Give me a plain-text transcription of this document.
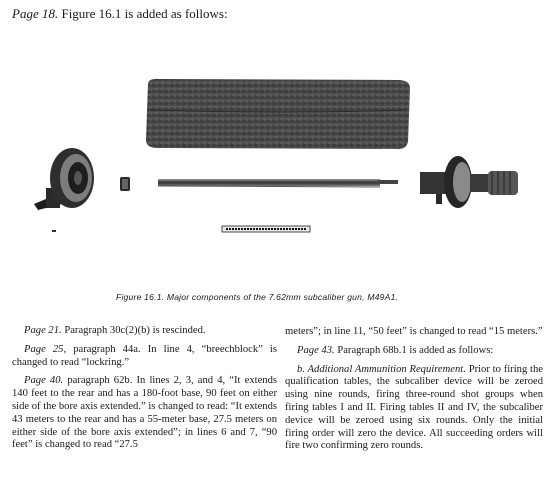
Page 18. Figure 16.1 is added as follows:
Figure 16.1. Major components of the 7.62mm subcaliber gun, M49A1.

Page 21. Paragraph 30c(2)(b) is rescinded.

Page 25, paragraph 44a. In line 4, “breechblock” is changed to read “lockring.”

Page 40. paragraph 62b. In lines 2, 3, and 4, “It extends 140 feet to the rear and has a 180-foot base, 90 feet on either side of the bore axis extended.” is changed to read: “It extends 43 meters to the rear and has a 55-meter base, 27.5 meters on either side of the bore axis extended”; in lines 6 and 7, “90 feet” is changed to read “27.5

meters”; in line 11, “50 feet” is changed to read “15 meters.”

Page 43. Paragraph 68b.1 is added as follows:

b. Additional Ammunition Requirement. Prior to firing the qualification tables, the subcaliber device will be zeroed using nine rounds, firing three-round shot groups when firing tables I and II. Firing tables II and IV, the subcaliber device will be zeroed using six rounds. Only the initial firing order will zero the device. All succeeding orders will fire two confirming zero rounds.
